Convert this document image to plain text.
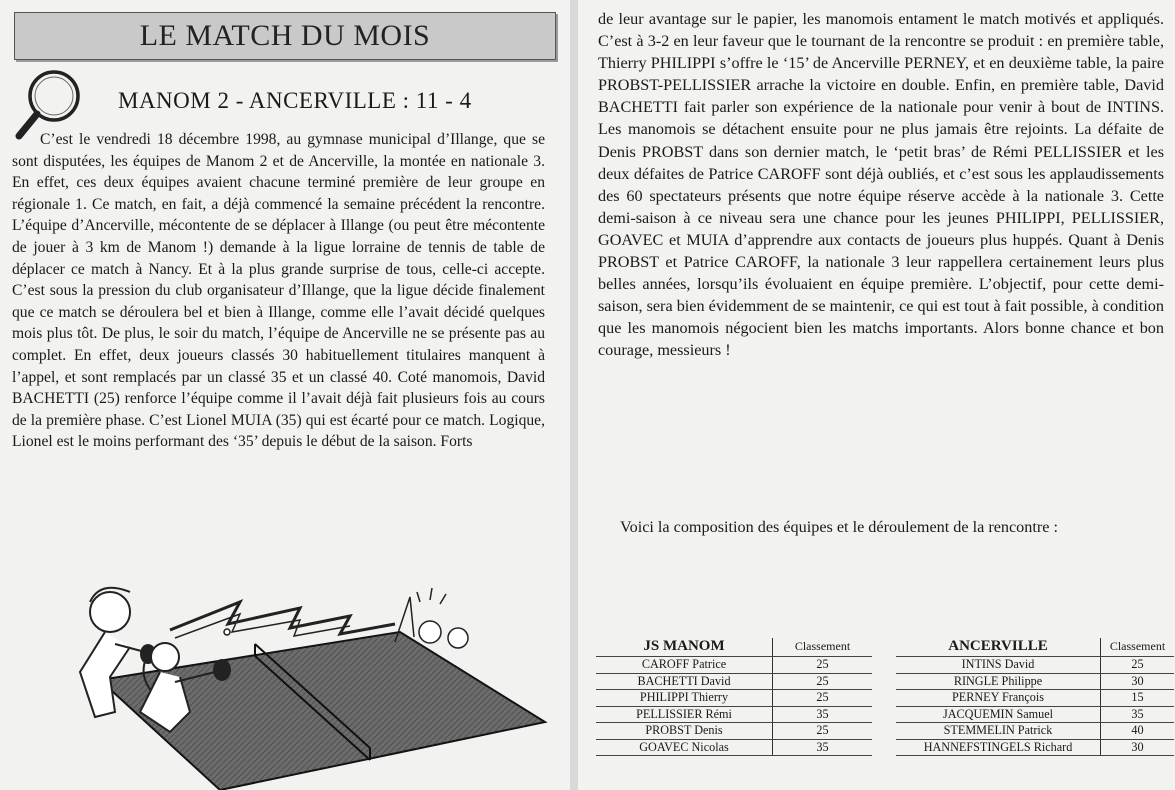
LE MATCH DU MOIS
MANOM 2 - ANCERVILLE : 11 - 4
C’est le vendredi 18 décembre 1998, au gymnase municipal d’Illange, que se sont disputées, les équipes de Manom 2 et de Ancerville, la montée en nationale 3. En effet, ces deux équipes avaient chacune terminé première de leur groupe en régionale 1. Ce match, en fait, a déjà commencé la semaine précédent la rencontre. L’équipe d’Ancerville, mécontente de se déplacer à Illange (ou peut être mécontente de jouer à 3 km de Manom !) demande à la ligue lorraine de tennis de table de déplacer ce match à Nancy. Et à la plus grande surprise de tous, celle-ci accepte. C’est sous la pression du club organisateur d’Illange, que la ligue décide finalement que ce match se déroulera bel et bien à Illange, comme elle l’avait décidé quelques mois plus tôt. De plus, le soir du match, l’équipe de Ancerville ne se présente pas au complet. En effet, deux joueurs classés 30 habituellement titulaires manquent à l’appel, et sont remplacés par un classé 35 et un classé 40. Coté manomois, David BACHETTI (25) renforce l’équipe comme il l’avait déjà fait plusieurs fois au cours de la première phase. C’est Lionel MUIA (35) qui est écarté pour ce match. Logique, Lionel est le moins performant des ‘35’ depuis le début de la saison. Forts
de leur avantage sur le papier, les manomois entament le match motivés et appliqués. C’est à 3-2 en leur faveur que le tournant de la rencontre se produit : en première table, Thierry PHILIPPI s’offre le ‘15’ de Ancerville PERNEY, et en deuxième table, la paire PROBST-PELLISSIER arrache la victoire en double. Enfin, en première table, David BACHETTI fait parler son expérience de la nationale pour venir à bout de INTINS. Les manomois se détachent ensuite pour ne plus jamais être rejoints. La défaite de Denis PROBST dans son dernier match, le ‘petit bras’ de Rémi PELLISSIER et les deux défaites de Patrice CAROFF sont déjà oubliés, et c’est sous les applaudissements des 60 spectateurs présents que notre équipe réserve accède à la nationale 3. Cette demi-saison à ce niveau sera une chance pour les jeunes PHILIPPI, PELLISSIER, GOAVEC et MUIA d’apprendre aux contacts de joueurs plus huppés. Quant à Denis PROBST et Patrice CAROFF, la nationale 3 leur rappellera certainement leurs plus belles années, lorsqu’ils évoluaient en équipe première. L’objectif, pour cette demi-saison, sera bien évidemment de se maintenir, ce qui est tout à fait possible, à condition que les manomois négocient bien les matchs importants. Alors bonne chance et bon courage, messieurs !
Voici la composition des équipes et le déroulement de la rencontre :
JS MANOM	Classement
CAROFF Patrice	25
BACHETTI David	25
PHILIPPI Thierry	25
PELLISSIER Rémi	35
PROBST Denis	25
GOAVEC Nicolas	35
ANCERVILLE	Classement
INTINS David	25
RINGLE Philippe	30
PERNEY François	15
JACQUEMIN Samuel	35
STEMMELIN Patrick	40
HANNEFSTINGELS Richard	30
